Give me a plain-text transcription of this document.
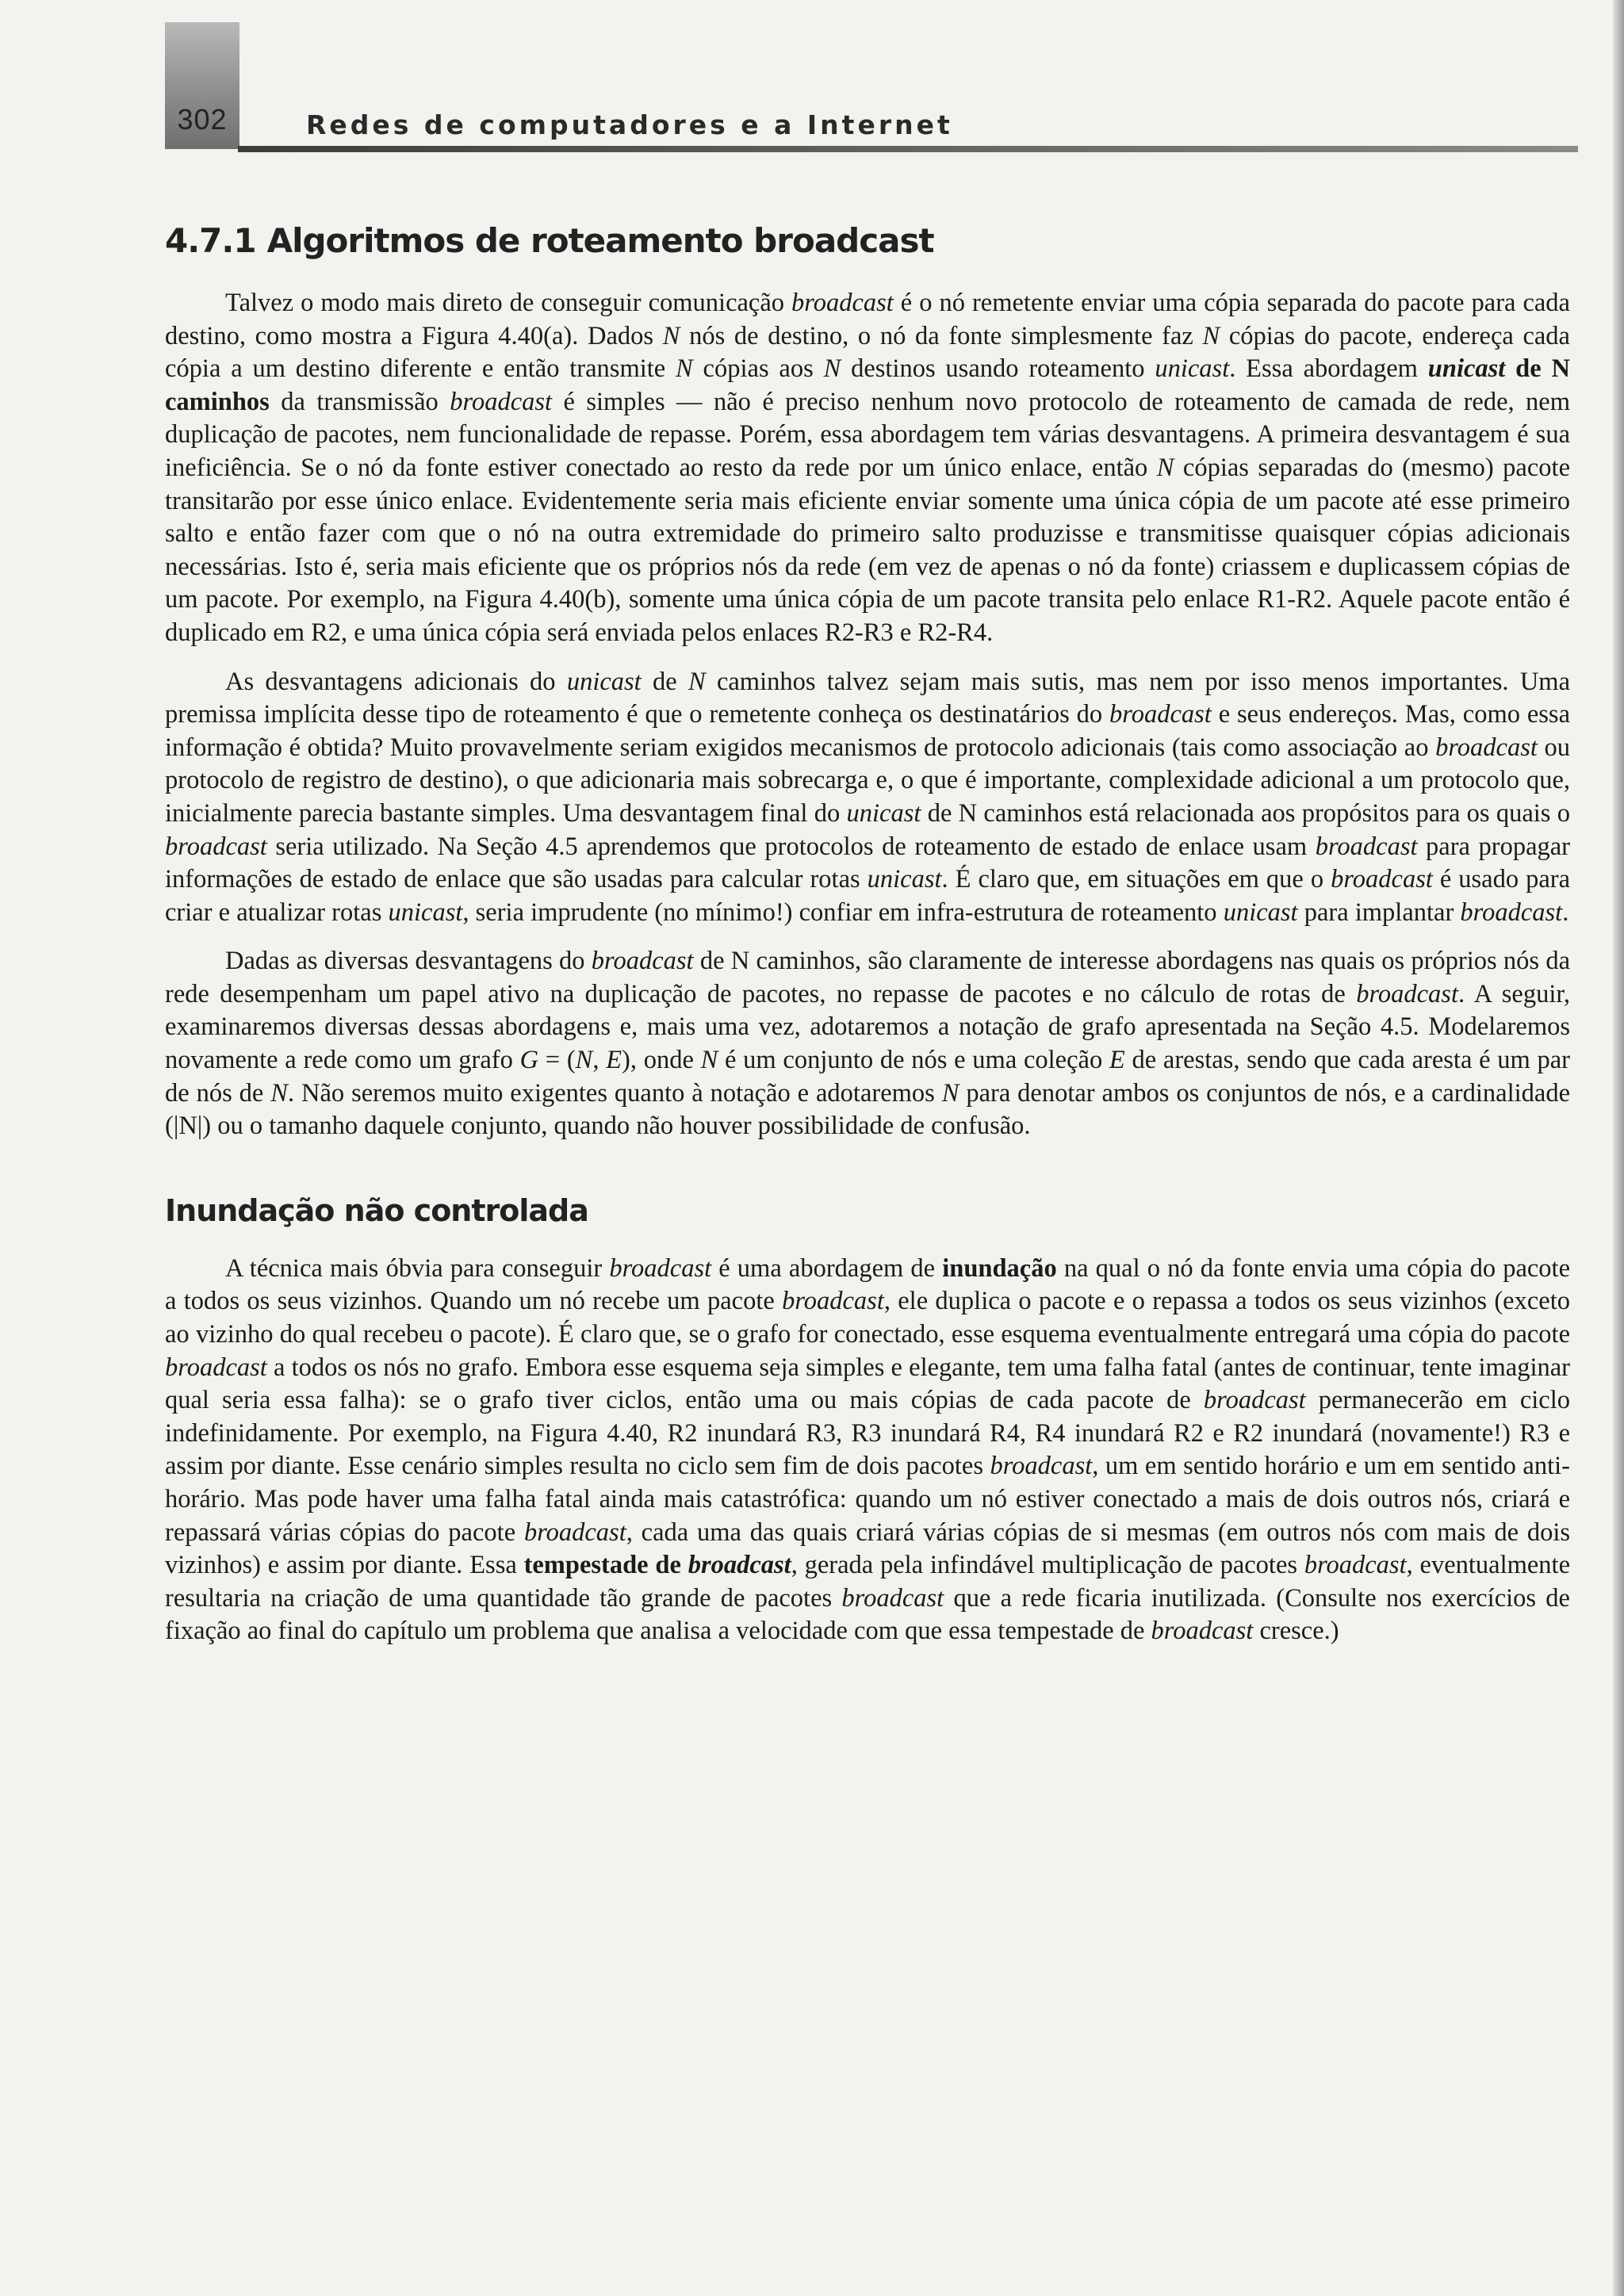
302	Redes de computadores e a Internet
4.7.1 Algoritmos de roteamento broadcast

Talvez o modo mais direto de conseguir comunicação broadcast é o nó remetente enviar uma cópia separada do pacote para cada destino, como mostra a Figura 4.40(a). Dados N nós de destino, o nó da fonte simplesmente faz N cópias do pacote, endereça cada cópia a um destino diferente e então transmite N cópias aos N destinos usando roteamento unicast. Essa abordagem unicast de N caminhos da transmissão broadcast é simples — não é preciso nenhum novo protocolo de roteamento de camada de rede, nem duplicação de pacotes, nem funcionalidade de repasse. Porém, essa abordagem tem várias desvantagens. A primeira desvantagem é sua ineficiência. Se o nó da fonte estiver conectado ao resto da rede por um único enlace, então N cópias separadas do (mesmo) pacote transitarão por esse único enlace. Evidentemente seria mais eficiente enviar somente uma única cópia de um pacote até esse primeiro salto e então fazer com que o nó na outra extremidade do primeiro salto produzisse e transmitisse quaisquer cópias adicionais necessárias. Isto é, seria mais eficiente que os próprios nós da rede (em vez de apenas o nó da fonte) criassem e duplicassem cópias de um pacote. Por exemplo, na Figura 4.40(b), somente uma única cópia de um pacote transita pelo enlace R1-R2. Aquele pacote então é duplicado em R2, e uma única cópia será enviada pelos enlaces R2-R3 e R2-R4.

As desvantagens adicionais do unicast de N caminhos talvez sejam mais sutis, mas nem por isso menos importantes. Uma premissa implícita desse tipo de roteamento é que o remetente conheça os destinatários do broadcast e seus endereços. Mas, como essa informação é obtida? Muito provavelmente seriam exigidos mecanismos de protocolo adicionais (tais como associação ao broadcast ou protocolo de registro de destino), o que adicionaria mais sobrecarga e, o que é importante, complexidade adicional a um protocolo que, inicialmente parecia bastante simples. Uma desvantagem final do unicast de N caminhos está relacionada aos propósitos para os quais o broadcast seria utilizado. Na Seção 4.5 aprendemos que protocolos de roteamento de estado de enlace usam broadcast para propagar informações de estado de enlace que são usadas para calcular rotas unicast. É claro que, em situações em que o broadcast é usado para criar e atualizar rotas unicast, seria imprudente (no mínimo!) confiar em infra-estrutura de roteamento unicast para implantar broadcast.

Dadas as diversas desvantagens do broadcast de N caminhos, são claramente de interesse abordagens nas quais os próprios nós da rede desempenham um papel ativo na duplicação de pacotes, no repasse de pacotes e no cálculo de rotas de broadcast. A seguir, examinaremos diversas dessas abordagens e, mais uma vez, adotaremos a notação de grafo apresentada na Seção 4.5. Modelaremos novamente a rede como um grafo G = (N, E), onde N é um conjunto de nós e uma coleção E de arestas, sendo que cada aresta é um par de nós de N. Não seremos muito exigentes quanto à notação e adotaremos N para denotar ambos os conjuntos de nós, e a cardinalidade (|N|) ou o tamanho daquele conjunto, quando não houver possibilidade de confusão.

Inundação não controlada

A técnica mais óbvia para conseguir broadcast é uma abordagem de inundação na qual o nó da fonte envia uma cópia do pacote a todos os seus vizinhos. Quando um nó recebe um pacote broadcast, ele duplica o pacote e o repassa a todos os seus vizinhos (exceto ao vizinho do qual recebeu o pacote). É claro que, se o grafo for conectado, esse esquema eventualmente entregará uma cópia do pacote broadcast a todos os nós no grafo. Embora esse esquema seja simples e elegante, tem uma falha fatal (antes de continuar, tente imaginar qual seria essa falha): se o grafo tiver ciclos, então uma ou mais cópias de cada pacote de broadcast permanecerão em ciclo indefinidamente. Por exemplo, na Figura 4.40, R2 inundará R3, R3 inundará R4, R4 inundará R2 e R2 inundará (novamente!) R3 e assim por diante. Esse cenário simples resulta no ciclo sem fim de dois pacotes broadcast, um em sentido horário e um em sentido anti-horário. Mas pode haver uma falha fatal ainda mais catastrófica: quando um nó estiver conectado a mais de dois outros nós, criará e repassará várias cópias do pacote broadcast, cada uma das quais criará várias cópias de si mesmas (em outros nós com mais de dois vizinhos) e assim por diante. Essa tempestade de broadcast, gerada pela infindável multiplicação de pacotes broadcast, eventualmente resultaria na criação de uma quantidade tão grande de pacotes broadcast que a rede ficaria inutilizada. (Consulte nos exercícios de fixação ao final do capítulo um problema que analisa a velocidade com que essa tempestade de broadcast cresce.)
